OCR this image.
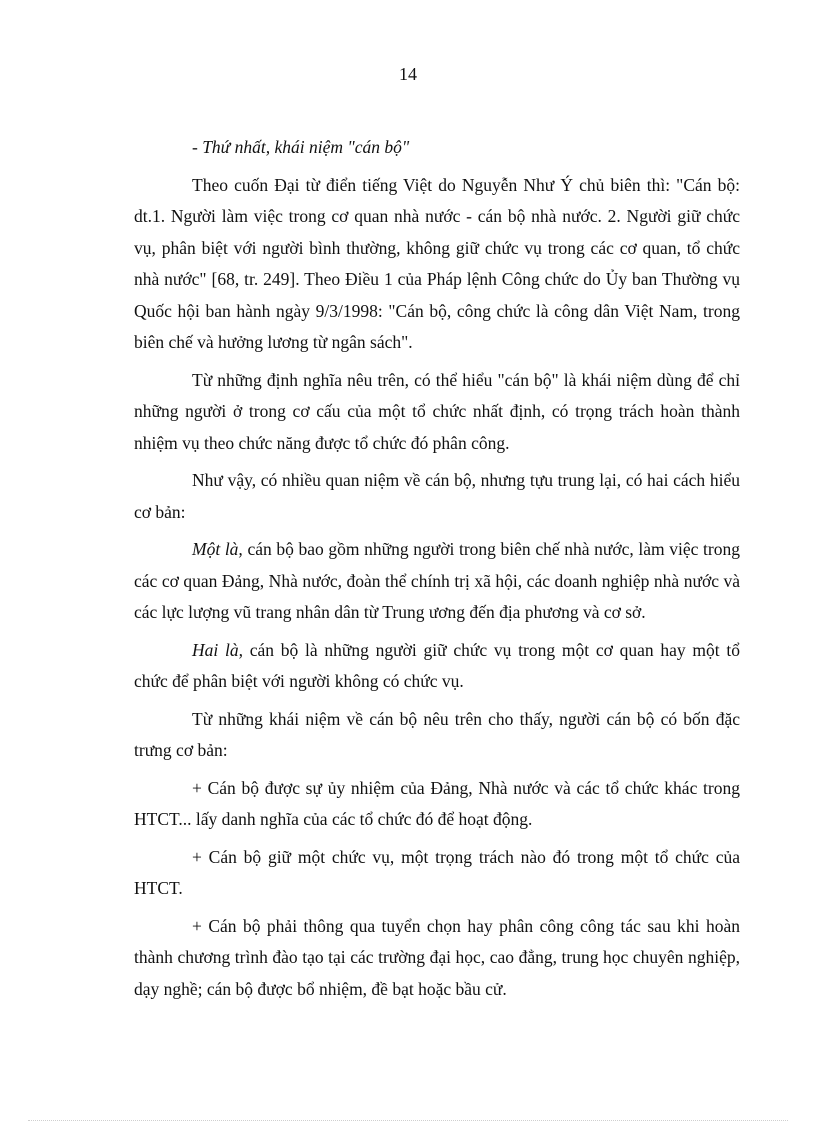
14

- Thứ nhất, khái niệm "cán bộ"

Theo cuốn Đại từ điển tiếng Việt do Nguyễn Như Ý chủ biên thì: "Cán bộ: dt.1. Người làm việc trong cơ quan nhà nước - cán bộ nhà nước. 2. Người giữ chức vụ, phân biệt với người bình thường, không giữ chức vụ trong các cơ quan, tổ chức nhà nước" [68, tr. 249]. Theo Điều 1 của Pháp lệnh Công chức do Ủy ban Thường vụ Quốc hội ban hành ngày 9/3/1998: "Cán bộ, công chức là công dân Việt Nam, trong biên chế và hưởng lương từ ngân sách".

Từ những định nghĩa nêu trên, có thể hiểu "cán bộ" là khái niệm dùng để chỉ những người ở trong cơ cấu của một tổ chức nhất định, có trọng trách hoàn thành nhiệm vụ theo chức năng được tổ chức đó phân công.

Như vậy, có nhiều quan niệm về cán bộ, nhưng tựu trung lại, có hai cách hiểu cơ bản:

Một là, cán bộ bao gồm những người trong biên chế nhà nước, làm việc trong các cơ quan Đảng, Nhà nước, đoàn thể chính trị xã hội, các doanh nghiệp nhà nước và các lực lượng vũ trang nhân dân từ Trung ương đến địa phương và cơ sở.

Hai là, cán bộ là những người giữ chức vụ trong một cơ quan hay một tổ chức để phân biệt với người không có chức vụ.

Từ những khái niệm về cán bộ nêu trên cho thấy, người cán bộ có bốn đặc trưng cơ bản:

+ Cán bộ được sự ủy nhiệm của Đảng, Nhà nước và các tổ chức khác trong HTCT... lấy danh nghĩa của các tổ chức đó để hoạt động.

+ Cán bộ giữ một chức vụ, một trọng trách nào đó trong một tổ chức của HTCT.

+ Cán bộ phải thông qua tuyển chọn hay phân công công tác sau khi hoàn thành chương trình đào tạo tại các trường đại học, cao đẳng, trung học chuyên nghiệp, dạy nghề; cán bộ được bổ nhiệm, đề bạt hoặc bầu cử.
